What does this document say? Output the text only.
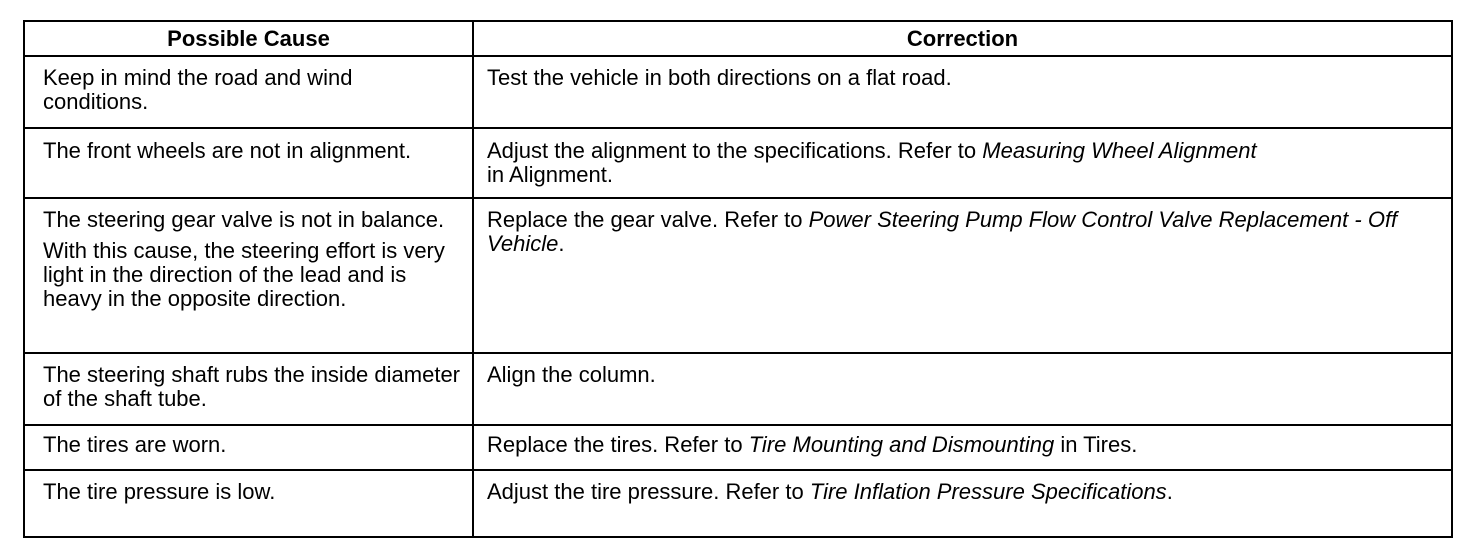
Possible Cause	Correction

Keep in mind the road and wind conditions.	Test the vehicle in both directions on a flat road.

The front wheels are not in alignment.	Adjust the alignment to the specifications. Refer to Measuring Wheel Alignment
in Alignment.

The steering gear valve is not in balance.
With this cause, the steering effort is very light in the direction of the lead and is heavy in the opposite direction.	Replace the gear valve. Refer to Power Steering Pump Flow Control Valve Replacement - Off Vehicle.

The steering shaft rubs the inside diameter of the shaft tube.	Align the column.

The tires are worn.	Replace the tires. Refer to Tire Mounting and Dismounting in Tires.

The tire pressure is low.	Adjust the tire pressure. Refer to Tire Inflation Pressure Specifications.
